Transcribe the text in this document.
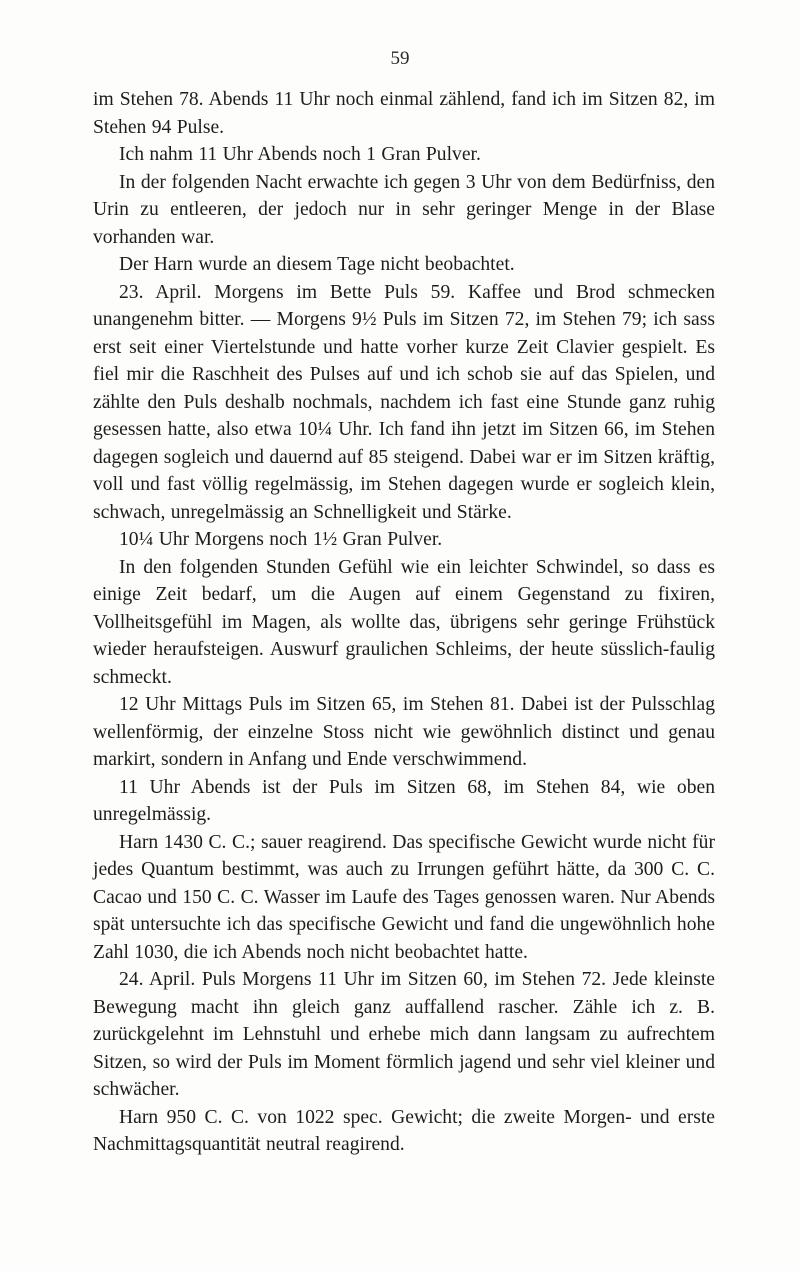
59

im Stehen 78. Abends 11 Uhr noch einmal zählend, fand ich im Sitzen 82, im Stehen 94 Pulse.

Ich nahm 11 Uhr Abends noch 1 Gran Pulver.

In der folgenden Nacht erwachte ich gegen 3 Uhr von dem Bedürfniss, den Urin zu entleeren, der jedoch nur in sehr geringer Menge in der Blase vorhanden war.

Der Harn wurde an diesem Tage nicht beobachtet.

23. April. Morgens im Bette Puls 59. Kaffee und Brod schmecken unangenehm bitter. — Morgens 9½ Puls im Sitzen 72, im Stehen 79; ich sass erst seit einer Viertelstunde und hatte vorher kurze Zeit Clavier gespielt. Es fiel mir die Raschheit des Pulses auf und ich schob sie auf das Spielen, und zählte den Puls deshalb nochmals, nachdem ich fast eine Stunde ganz ruhig gesessen hatte, also etwa 10¼ Uhr. Ich fand ihn jetzt im Sitzen 66, im Stehen dagegen sogleich und dauernd auf 85 steigend. Dabei war er im Sitzen kräftig, voll und fast völlig regelmässig, im Stehen dagegen wurde er sogleich klein, schwach, unregelmässig an Schnelligkeit und Stärke.

10¼ Uhr Morgens noch 1½ Gran Pulver.

In den folgenden Stunden Gefühl wie ein leichter Schwindel, so dass es einige Zeit bedarf, um die Augen auf einem Gegenstand zu fixiren, Vollheitsgefühl im Magen, als wollte das, übrigens sehr geringe Frühstück wieder heraufsteigen. Auswurf graulichen Schleims, der heute süsslich-faulig schmeckt.

12 Uhr Mittags Puls im Sitzen 65, im Stehen 81. Dabei ist der Pulsschlag wellenförmig, der einzelne Stoss nicht wie gewöhnlich distinct und genau markirt, sondern in Anfang und Ende verschwimmend.

11 Uhr Abends ist der Puls im Sitzen 68, im Stehen 84, wie oben unregelmässig.

Harn 1430 C. C.; sauer reagirend. Das specifische Gewicht wurde nicht für jedes Quantum bestimmt, was auch zu Irrungen geführt hätte, da 300 C. C. Cacao und 150 C. C. Wasser im Laufe des Tages genossen waren. Nur Abends spät untersuchte ich das specifische Gewicht und fand die ungewöhnlich hohe Zahl 1030, die ich Abends noch nicht beobachtet hatte.

24. April. Puls Morgens 11 Uhr im Sitzen 60, im Stehen 72. Jede kleinste Bewegung macht ihn gleich ganz auffallend rascher. Zähle ich z. B. zurückgelehnt im Lehnstuhl und erhebe mich dann langsam zu aufrechtem Sitzen, so wird der Puls im Moment förmlich jagend und sehr viel kleiner und schwächer.

Harn 950 C. C. von 1022 spec. Gewicht; die zweite Morgen- und erste Nachmittagsquantität neutral reagirend.
